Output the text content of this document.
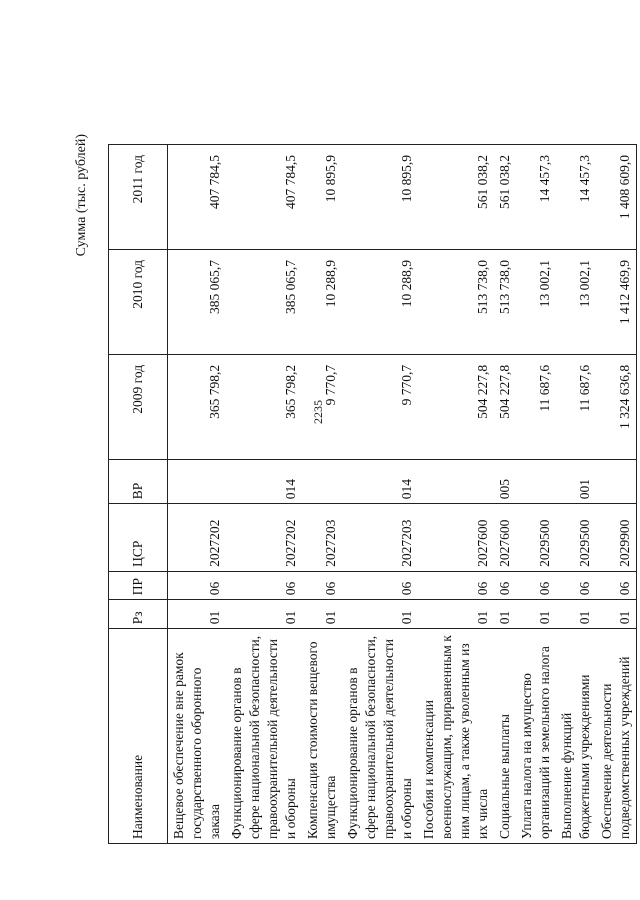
2235
Сумма (тыс. рублей)
Наименование	Рз	ПР	ЦСР	ВР	2009 год	2010 год	2011 год
Вещевое обеспечение вне рамок государственного оборонного заказа	01	06	2027202		365 798,2	385 065,7	407 784,5
Функционирование органов в сфере национальной безопасности, правоохранительной деятельности и обороны	01	06	2027202	014	365 798,2	385 065,7	407 784,5
Компенсация стоимости вещевого имущества	01	06	2027203		9 770,7	10 288,9	10 895,9
Функционирование органов в сфере национальной безопасности, правоохранительной деятельности и обороны	01	06	2027203	014	9 770,7	10 288,9	10 895,9
Пособия и компенсации военнослужащим, приравненным к ним лицам, а также уволенным из их числа	01	06	2027600		504 227,8	513 738,0	561 038,2
Социальные выплаты	01	06	2027600	005	504 227,8	513 738,0	561 038,2
Уплата налога на имущество организаций и земельного налога	01	06	2029500		11 687,6	13 002,1	14 457,3
Выполнение функций бюджетными учреждениями	01	06	2029500	001	11 687,6	13 002,1	14 457,3
Обеспечение деятельности подведомственных учреждений	01	06	2029900		1 324 636,8	1 412 469,9	1 408 609,0
